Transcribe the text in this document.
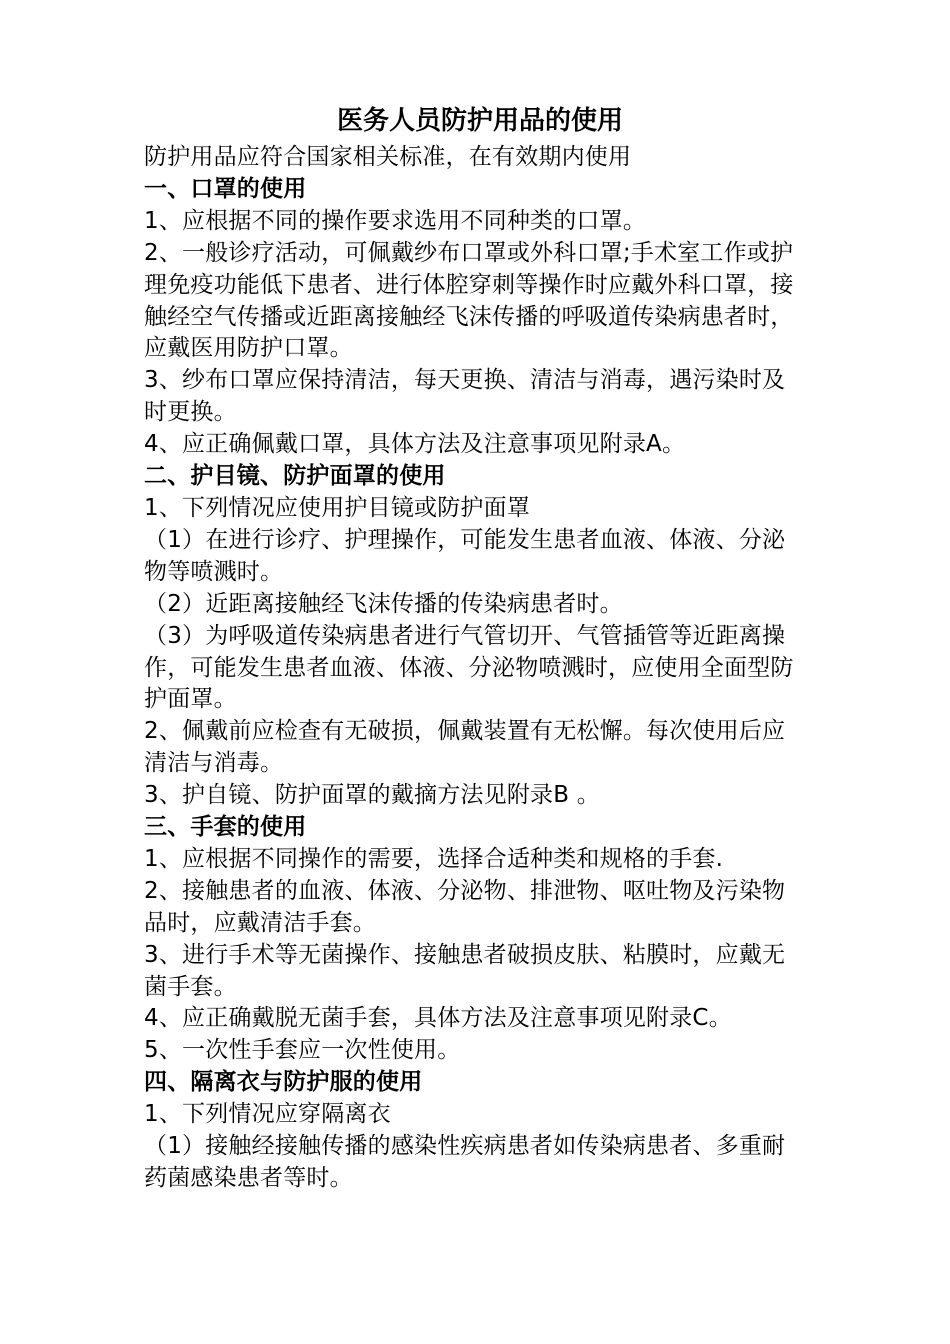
医务人员防护用品的使用

防护用品应符合国家相关标准，在有效期内使用

一、口罩的使用

1、应根据不同的操作要求选用不同种类的口罩。

2、一般诊疗活动，可佩戴纱布口罩或外科口罩;手术室工作或护

理免疫功能低下患者、进行体腔穿刺等操作时应戴外科口罩，接

触经空气传播或近距离接触经飞沫传播的呼吸道传染病患者时，

应戴医用防护口罩。

3、纱布口罩应保持清洁，每天更换、清洁与消毒，遇污染时及

时更换。

4、应正确佩戴口罩，具体方法及注意事项见附录A。

二、护目镜、防护面罩的使用

1、下列情况应使用护目镜或防护面罩

（1）在进行诊疗、护理操作，可能发生患者血液、体液、分泌

物等喷溅时。

（2）近距离接触经飞沫传播的传染病患者时。

（3）为呼吸道传染病患者进行气管切开、气管插管等近距离操

作，可能发生患者血液、体液、分泌物喷溅时，应使用全面型防

护面罩。

2、佩戴前应检查有无破损，佩戴装置有无松懈。每次使用后应

清洁与消毒。

3、护自镜、防护面罩的戴摘方法见附录B 。

三、手套的使用

1、应根据不同操作的需要，选择合适种类和规格的手套.

2、接触患者的血液、体液、分泌物、排泄物、呕吐物及污染物

品时，应戴清洁手套。

3、进行手术等无菌操作、接触患者破损皮肤、粘膜时，应戴无

菌手套。

4、应正确戴脱无菌手套，具体方法及注意事项见附录C。

5、一次性手套应一次性使用。

四、隔离衣与防护服的使用

1、下列情况应穿隔离衣

（1）接触经接触传播的感染性疾病患者如传染病患者、多重耐

药菌感染患者等时。
